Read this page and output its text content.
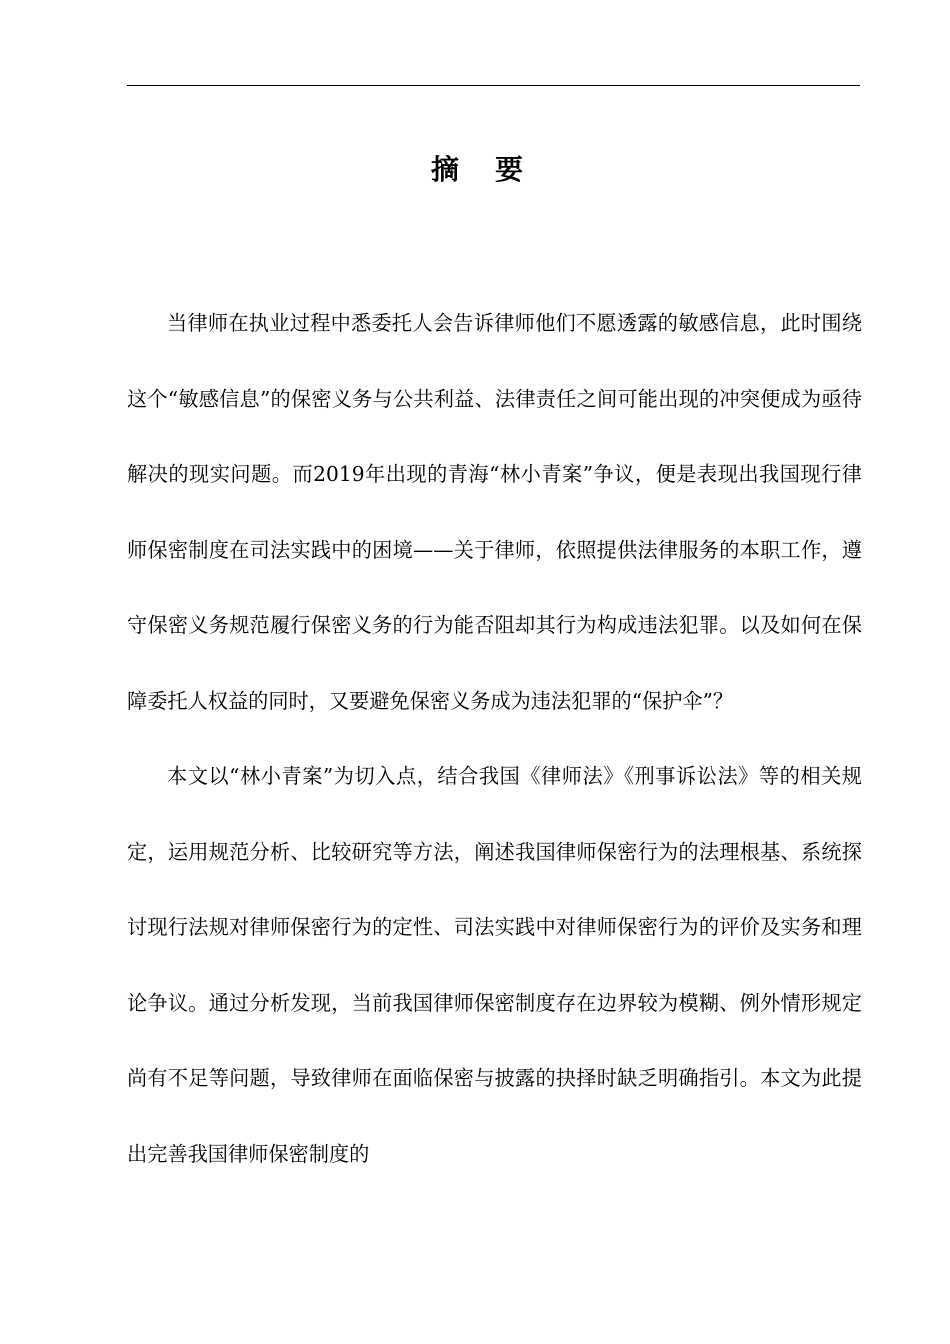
摘要

当律师在执业过程中悉委托人会告诉律师他们不愿透露的敏感信息，此时围绕这个“敏感信息”的保密义务与公共利益、法律责任之间可能出现的冲突便成为亟待解决的现实问题。而2019年出现的青海“林小青案”争议，便是表现出我国现行律师保密制度在司法实践中的困境——关于律师，依照提供法律服务的本职工作，遵守保密义务规范履行保密义务的行为能否阻却其行为构成违法犯罪。以及如何在保障委托人权益的同时，又要避免保密义务成为违法犯罪的“保护伞”？

本文以“林小青案”为切入点，结合我国《律师法》《刑事诉讼法》等的相关规定，运用规范分析、比较研究等方法，阐述我国律师保密行为的法理根基、系统探讨现行法规对律师保密行为的定性、司法实践中对律师保密行为的评价及实务和理论争议。通过分析发现，当前我国律师保密制度存在边界较为模糊、例外情形规定尚有不足等问题，导致律师在面临保密与披露的抉择时缺乏明确指引。本文为此提出完善我国律师保密制度的
